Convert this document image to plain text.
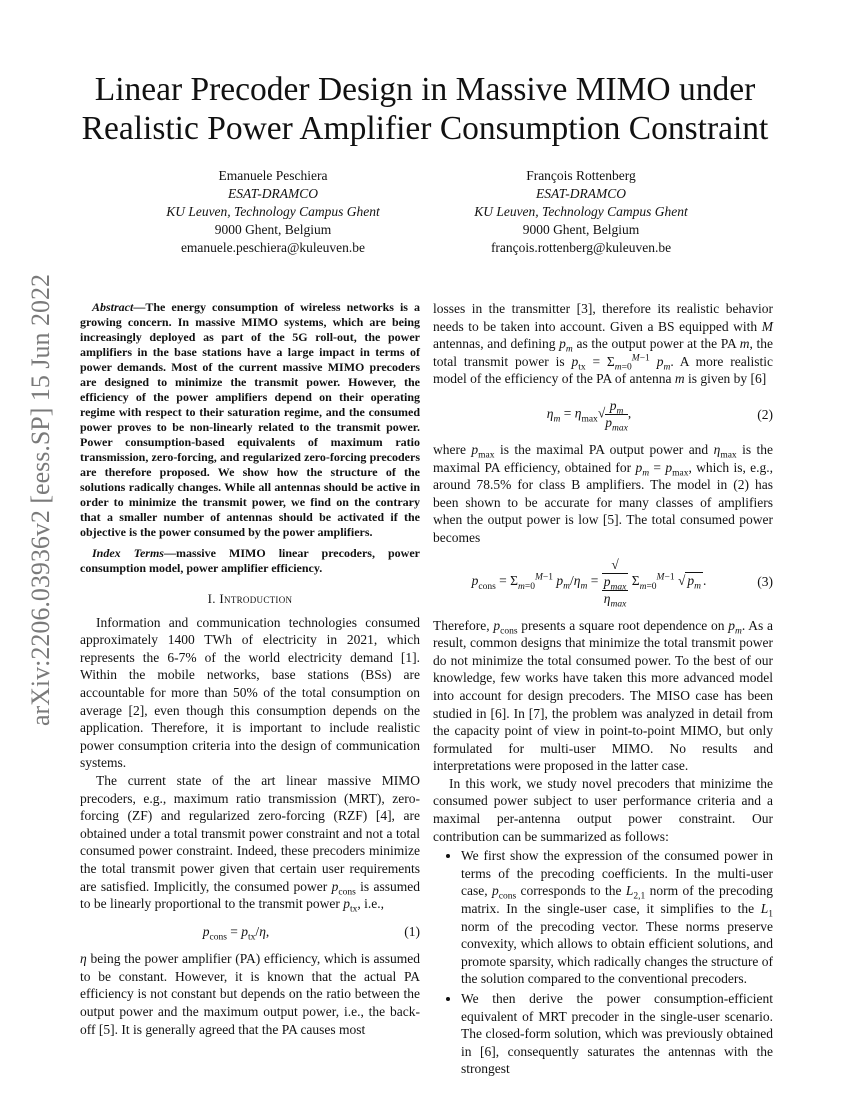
arXiv:2206.03936v2 [eess.SP] 15 Jun 2022
Linear Precoder Design in Massive MIMO under
Realistic Power Amplifier Consumption Constraint
Emanuele Peschiera
ESAT-DRAMCO
KU Leuven, Technology Campus Ghent
9000 Ghent, Belgium
emanuele.peschiera@kuleuven.be
François Rottenberg
ESAT-DRAMCO
KU Leuven, Technology Campus Ghent
9000 Ghent, Belgium
françois.rottenberg@kuleuven.be

Abstract—The energy consumption of wireless networks is a growing concern. In massive MIMO systems, which are being increasingly deployed as part of the 5G roll-out, the power amplifiers in the base stations have a large impact in terms of power demands. Most of the current massive MIMO precoders are designed to minimize the transmit power. However, the efficiency of the power amplifiers depend on their operating regime with respect to their saturation regime, and the consumed power proves to be non-linearly related to the transmit power. Power consumption-based equivalents of maximum ratio transmission, zero-forcing, and regularized zero-forcing precoders are therefore proposed. We show how the structure of the solutions radically changes. While all antennas should be active in order to minimize the transmit power, we find on the contrary that a smaller number of antennas should be activated if the objective is the power consumed by the power amplifiers.

Index Terms—massive MIMO linear precoders, power consumption model, power amplifier efficiency.

I. Introduction

Information and communication technologies consumed approximately 1400 TWh of electricity in 2021, which represents the 6-7% of the world electricity demand [1]. Within the mobile networks, base stations (BSs) are accountable for more than 50% of the total consumption on average [2], even though this consumption depends on the application. Therefore, it is important to include realistic power consumption criteria into the design of communication systems.

The current state of the art linear massive MIMO precoders, e.g., maximum ratio transmission (MRT), zero-forcing (ZF) and regularized zero-forcing (RZF) [4], are obtained under a total transmit power constraint and not a total consumed power constraint. Indeed, these precoders minimize the total transmit power given that certain user requirements are satisfied. Implicitly, the consumed power $p_{cons}$ is assumed to be linearly proportional to the transmit power $p_{tx}$, i.e.,

$p_{cons} = p_{tx}/\eta$,	(1)

η being the power amplifier (PA) efficiency, which is assumed to be constant. However, it is known that the actual PA efficiency is not constant but depends on the ratio between the output power and the maximum output power, i.e., the back-off [5]. It is generally agreed that the PA causes most

losses in the transmitter [3], therefore its realistic behavior needs to be taken into account. Given a BS equipped with M antennas, and defining $p_m$ as the output power at the PA m, the total transmit power is $p_{tx} = \Sigma_{m=0}^{M-1}$ $p_m$. A more realistic model of the efficiency of the PA of antenna m is given by [6]

$\eta_m = \eta_{max}√ \frac{p_m}{p_{max}}$ ,	(2)

where $p_{max}$ is the maximal PA output power and $\eta_{max}$ is the maximal PA efficiency, obtained for $p_m = p_{max}$, which is, e.g., around 78.5% for class B amplifiers. The model in (2) has been shown to be accurate for many classes of amplifiers when the output power is low [5]. The total consumed power becomes

$p_{cons} = \Sigma_{m=0}^{M-1}$ $p_m/\eta_m$ = √
$p_{max}$
$\eta_{max}$ $\Sigma_{m=0}^{M-1}$ √ $p_m$ .	(3)

Therefore, $p_{cons}$ presents a square root dependence on $p_m$. As a result, common designs that minimize the total transmit power do not minimize the total consumed power. To the best of our knowledge, few works have taken this more advanced model into account for design precoders. The MISO case has been studied in [6]. In [7], the problem was analyzed in detail from the capacity point of view in point-to-point MIMO, but only formulated for multi-user MIMO. No results and interpretations were proposed in the latter case.

In this work, we study novel precoders that minizime the consumed power subject to user performance criteria and a maximal per-antenna output power constraint. Our contribution can be summarized as follows:

• We first show the expression of the consumed power in terms of the precoding coefficients. In the multi-user case, $p_{cons}$ corresponds to the $L_{2,1}$ norm of the precoding matrix. In the single-user case, it simplifies to the $L_1$ norm of the precoding vector. These norms preserve convexity, which allows to obtain efficient solutions, and promote sparsity, which radically changes the structure of the solution compared to the conventional precoders.
• We then derive the power consumption-efficient equivalent of MRT precoder in the single-user scenario. The closed-form solution, which was previously obtained in [6], consequently saturates the antennas with the strongest
